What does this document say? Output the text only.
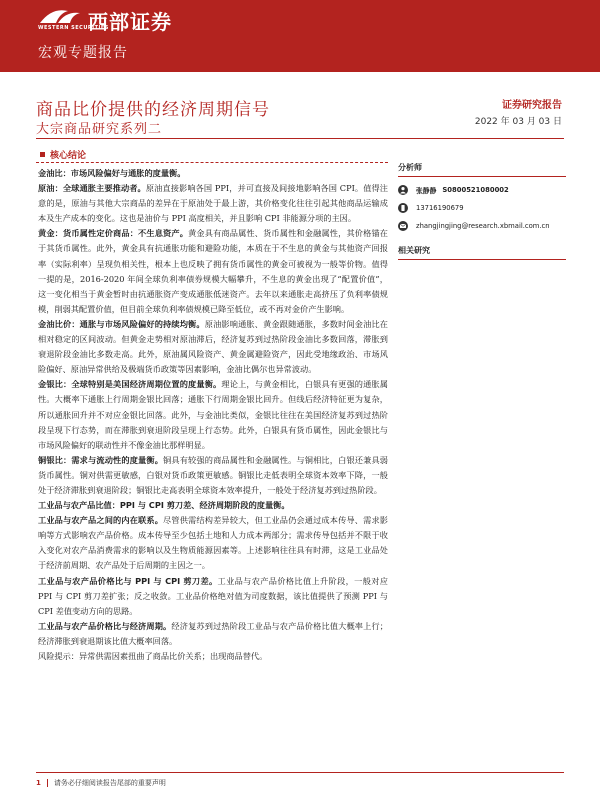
WESTERN SECURITIES
西部证券
宏观专题报告
商品比价提供的经济周期信号
大宗商品研究系列二
证券研究报告
2022 年 03 月 03 日
核心结论

金油比：市场风险偏好与通胀的度量衡。

原油：全球通胀主要推动者。原油直接影响各国 PPI，并可直接及间接地影响各国 CPI。值得注意的是，原油与其他大宗商品的差异在于原油处于最上游，其价格变化往往引起其他商品运输成本及生产成本的变化。这也是油价与 PPI 高度相关，并且影响 CPI 非能源分项的主因。

黄金：货币属性定价商品：不生息资产。黄金具有商品属性、货币属性和金融属性，其价格锚在于其货币属性。此外，黄金具有抗通胀功能和避险功能，本质在于不生息的黄金与其他资产回报率（实际利率）呈现负相关性，根本上也反映了拥有货币属性的黄金可被视为一般等价物。值得一提的是，2016-2020 年间全球负利率债券规模大幅攀升，不生息的黄金出现了“配置价值”，这一变化相当于黄金暂时由抗通胀资产变成通胀低迷资产。去年以来通胀走高挤压了负利率债规模，削弱其配置价值，但目前全球负利率债规模已降至低位，或不再对金价产生影响。

金油比价：通胀与市场风险偏好的持续均衡。原油影响通胀、黄金跟随通胀，多数时间金油比在相对稳定的区间波动。但黄金走势相对原油滞后，经济复苏到过热阶段金油比多数回落，滞胀到衰退阶段金油比多数走高。此外，原油属风险资产、黄金属避险资产，因此受地缘政治、市场风险偏好、原油异常供给及极端货币政策等因素影响，金油比偶尔也异常波动。

金银比：全球特别是美国经济周期位置的度量衡。理论上，与黄金相比，白银具有更强的通胀属性。大概率下通胀上行周期金银比回落；通胀下行周期金银比回升。但线后经济特征更为复杂，所以通胀回升并不对应金银比回落。此外，与金油比类似，金银比往往在美国经济复苏到过热阶段呈现下行态势，而在滞胀到衰退阶段呈现上行态势。此外，白银具有货币属性，因此金银比与市场风险偏好的联动性并不像金油比那样明显。

铜银比：需求与流动性的度量衡。铜具有较强的商品属性和金融属性。与铜相比，白银还兼具弱货币属性。铜对供需更敏感，白银对货币政策更敏感。铜银比走低表明全球资本效率下降，一般处于经济滞胀到衰退阶段；铜银比走高表明全球资本效率提升，一般处于经济复苏到过热阶段。

工业品与农产品比值：PPI 与 CPI 剪刀差、经济周期阶段的度量衡。

工业品与农产品之间的内在联系。尽管供需结构差异较大，但工业品仍会通过成本传导、需求影响等方式影响农产品价格。成本传导至少包括土地和人力成本两部分；需求传导包括并不限于收入变化对农产品消费需求的影响以及生物质能源因素等。上述影响往往具有时滞，这是工业品处于经济前周期、农产品处于后周期的主因之一。

工业品与农产品价格比与 PPI 与 CPI 剪刀差。工业品与农产品价格比值上升阶段，一般对应 PPI 与 CPI 剪刀差扩张；反之收敛。工业品价格绝对值为司度数据，该比值提供了预测 PPI 与 CPI 差值变动方向的思路。

工业品与农产品价格比与经济周期。经济复苏到过热阶段工业品与农产品价格比值大概率上行；经济滞胀到衰退期该比值大概率回落。

风险提示：异常供需因素扭曲了商品比价关系；出现商品替代。

分析师
张静静 S0800521080002
13716190679
zhangjingjing@research.xbmail.com.cn
相关研究
1 请务必仔细阅读报告尾部的重要声明
